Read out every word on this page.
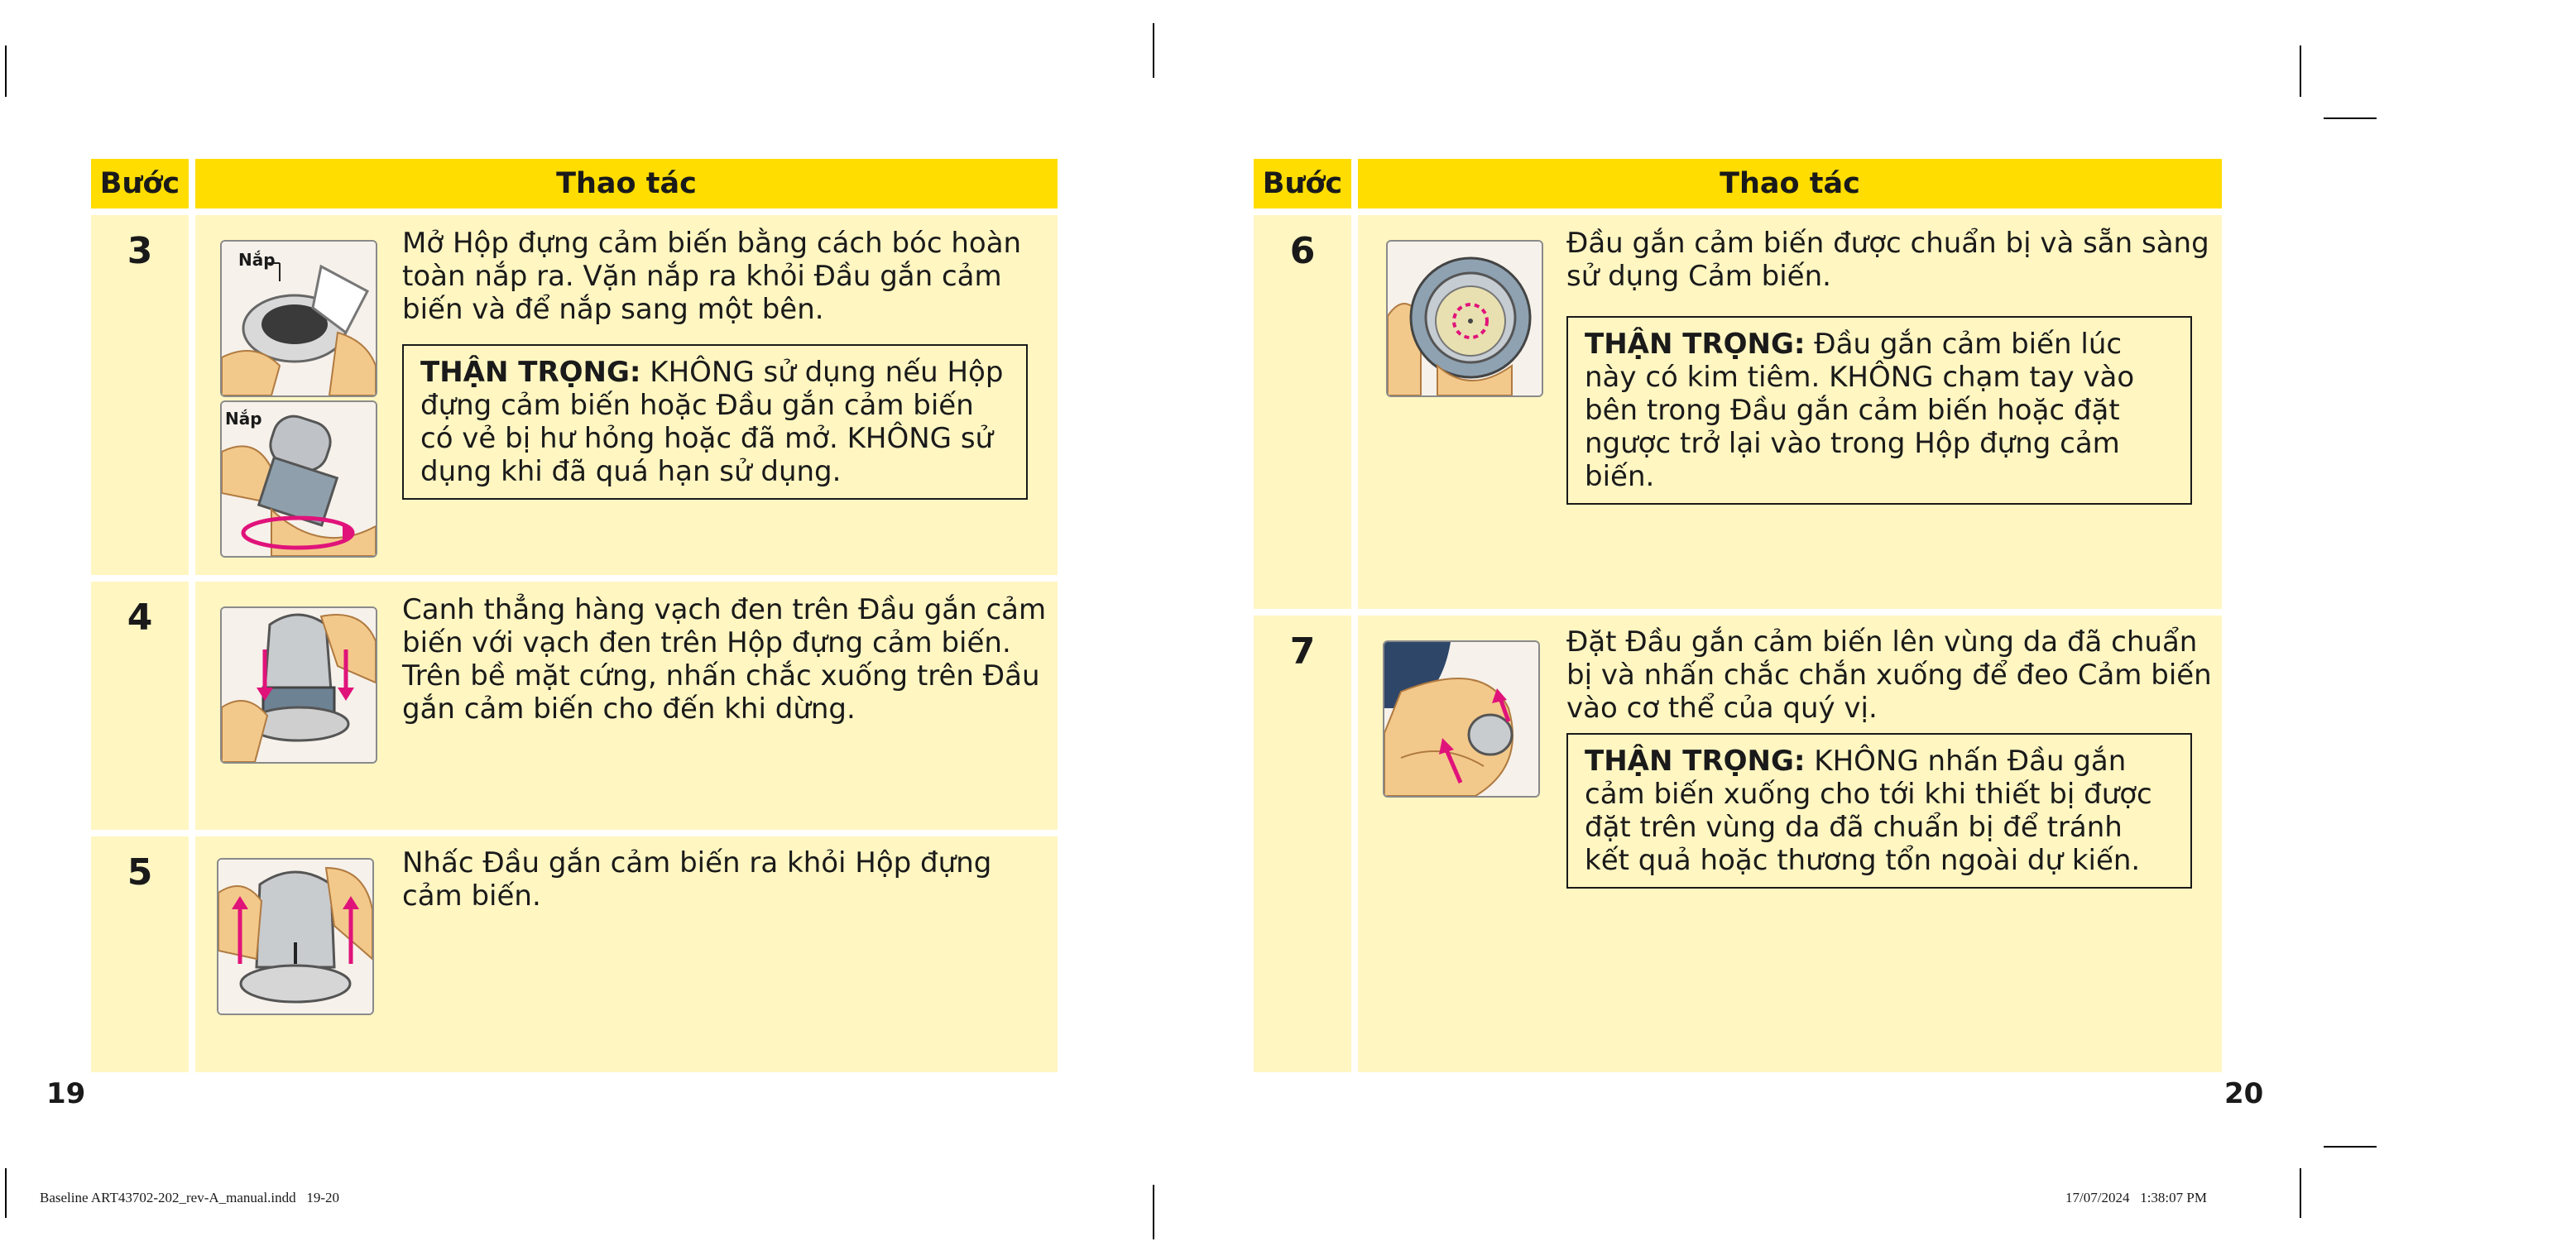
Bước	Thao tác
3	Nắp
Nắp
Mở Hộp đựng cảm biến bằng cách bóc hoàn toàn nắp ra. Vặn nắp ra khỏi Đầu gắn cảm biến và để nắp sang một bên.
THẬN TRỌNG: KHÔNG sử dụng nếu Hộp đựng cảm biến hoặc Đầu gắn cảm biến có vẻ bị hư hỏng hoặc đã mở. KHÔNG sử dụng khi đã quá hạn sử dụng.
4	Canh thẳng hàng vạch đen trên Đầu gắn cảm biến với vạch đen trên Hộp đựng cảm biến. Trên bề mặt cứng, nhấn chắc xuống trên Đầu gắn cảm biến cho đến khi dừng.
5	Nhấc Đầu gắn cảm biến ra khỏi Hộp đựng cảm biến.
Bước	Thao tác
6	Đầu gắn cảm biến được chuẩn bị và sẵn sàng sử dụng Cảm biến.
THẬN TRỌNG: Đầu gắn cảm biến lúc này có kim tiêm. KHÔNG chạm tay vào bên trong Đầu gắn cảm biến hoặc đặt ngược trở lại vào trong Hộp đựng cảm biến.
7	Đặt Đầu gắn cảm biến lên vùng da đã chuẩn bị và nhấn chắc chắn xuống để đeo Cảm biến vào cơ thể của quý vị.
THẬN TRỌNG: KHÔNG nhấn Đầu gắn cảm biến xuống cho tới khi thiết bị được đặt trên vùng da đã chuẩn bị để tránh kết quả hoặc thương tổn ngoài dự kiến.
19	20
Baseline ART43702-202_rev-A_manual.indd   19-20	17/07/2024   1:38:07 PM
